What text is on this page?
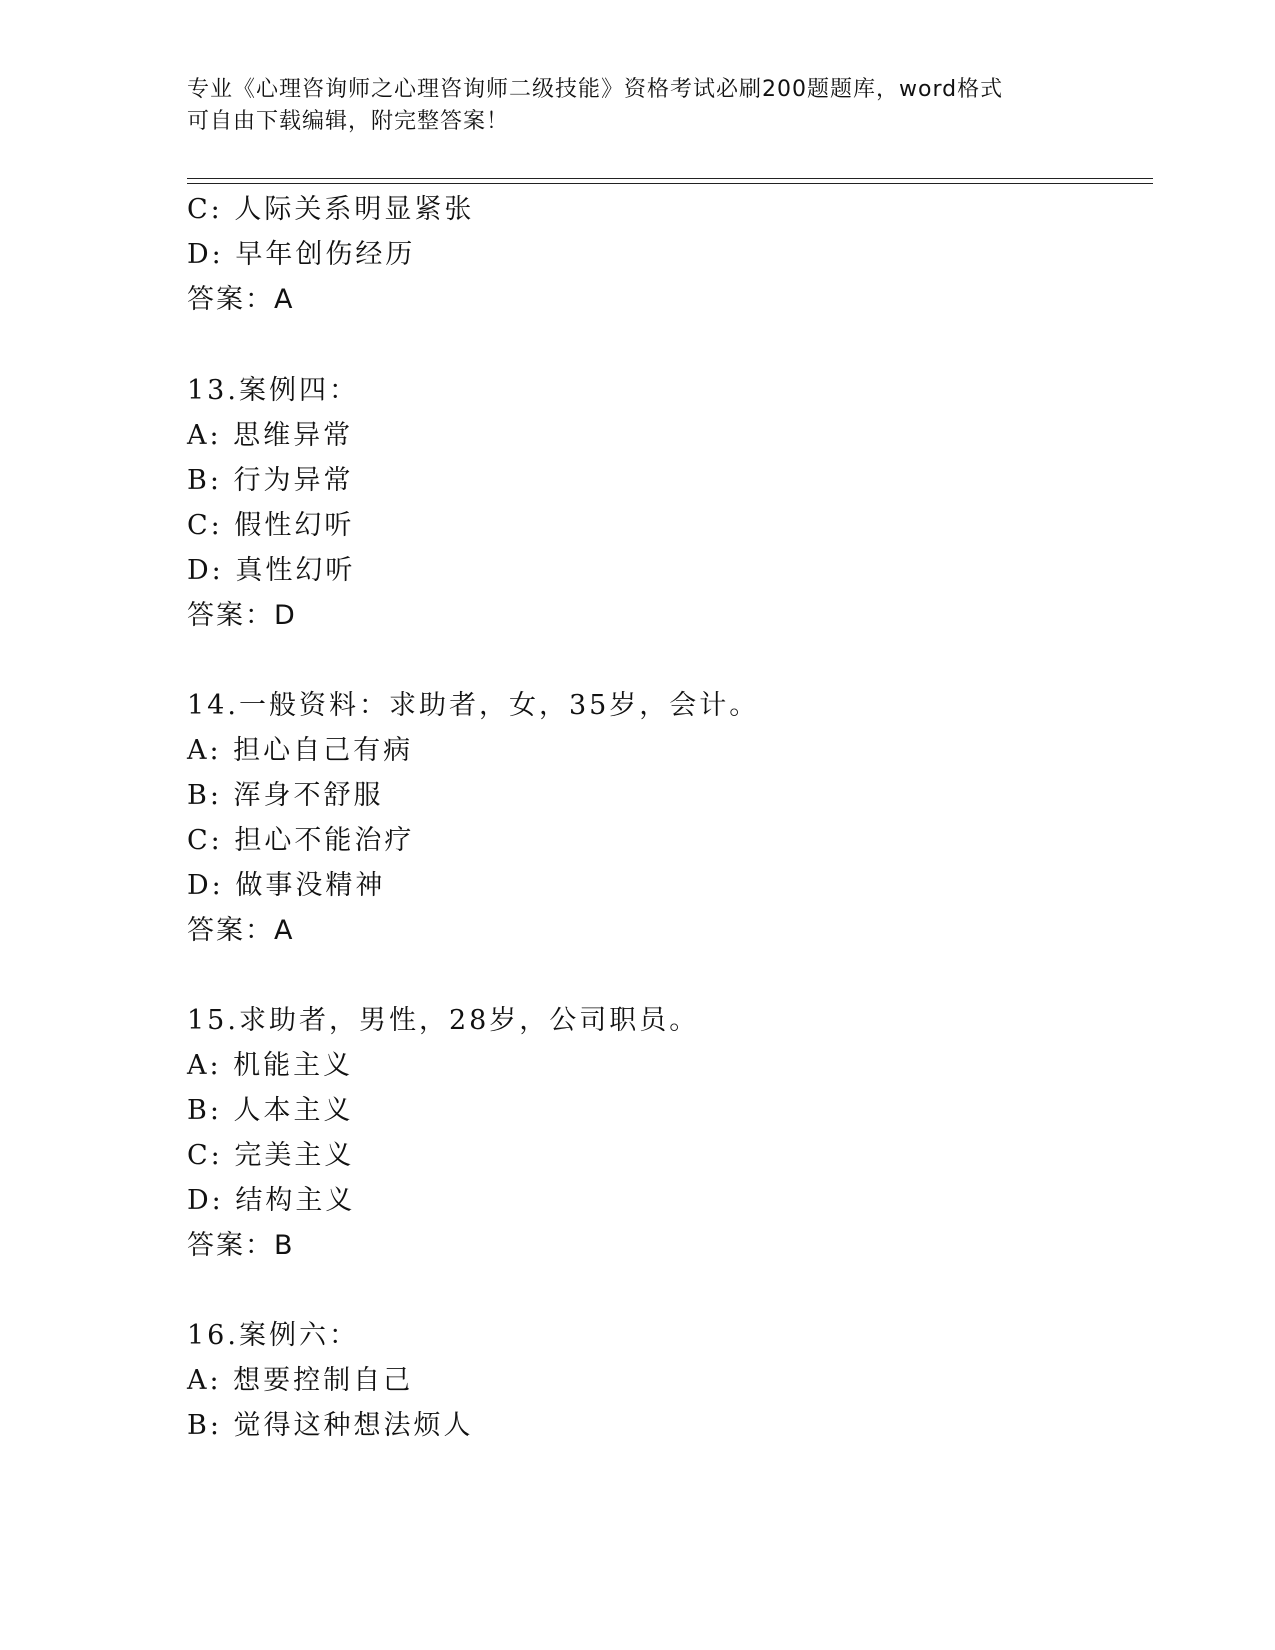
专业《心理咨询师之心理咨询师二级技能》资格考试必刷200题题库，word格式
可自由下载编辑，附完整答案！
C: 人际关系明显紧张
D: 早年创伤经历
答案：A
13.案例四：
A: 思维异常
B: 行为异常
C: 假性幻听
D: 真性幻听
答案：D
14.一般资料：求助者，女，35岁，会计。
A: 担心自己有病
B: 浑身不舒服
C: 担心不能治疗
D: 做事没精神
答案：A
15.求助者，男性，28岁，公司职员。
A: 机能主义
B: 人本主义
C: 完美主义
D: 结构主义
答案：B
16.案例六：
A: 想要控制自己
B: 觉得这种想法烦人
